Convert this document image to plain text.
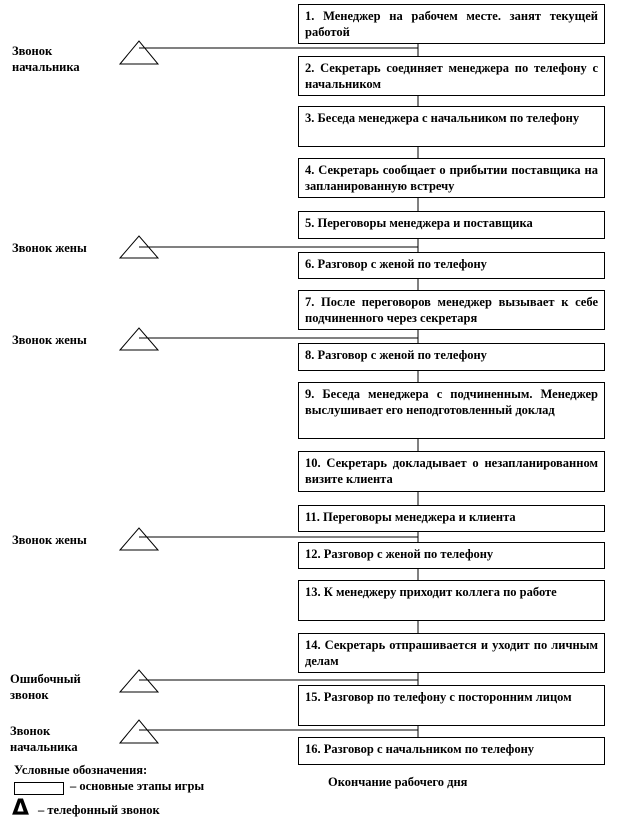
1. Менеджер на рабочем месте. занят текущей работой
2. Секретарь соединяет менеджера по телефону с начальником
3. Беседа менеджера с начальником по телефону
4. Секретарь сообщает о прибытии поставщика на запланированную встречу
5. Переговоры менеджера и поставщика
6. Разговор с женой по телефону
7. После переговоров менеджер вызывает к себе подчиненного через секретаря
8. Разговор с женой по телефону
9. Беседа менеджера с подчиненным. Менеджер выслушивает его неподготовленный доклад
10. Секретарь докладывает о незапланированном визите клиента
11. Переговоры менеджера и клиента
12. Разговор с женой по телефону
13. К менеджеру приходит коллега по работе
14. Секретарь отпрашивается и уходит по личным делам
15. Разговор по телефону с посторонним лицом
16. Разговор с начальником по телефону
Звонок начальника
Звонок жены
Звонок жены
Звонок жены
Ошибочный звонок
Звонок начальника
Условные обозначения:
– основные этапы игры
Δ – телефонный звонок
Окончание рабочего дня
